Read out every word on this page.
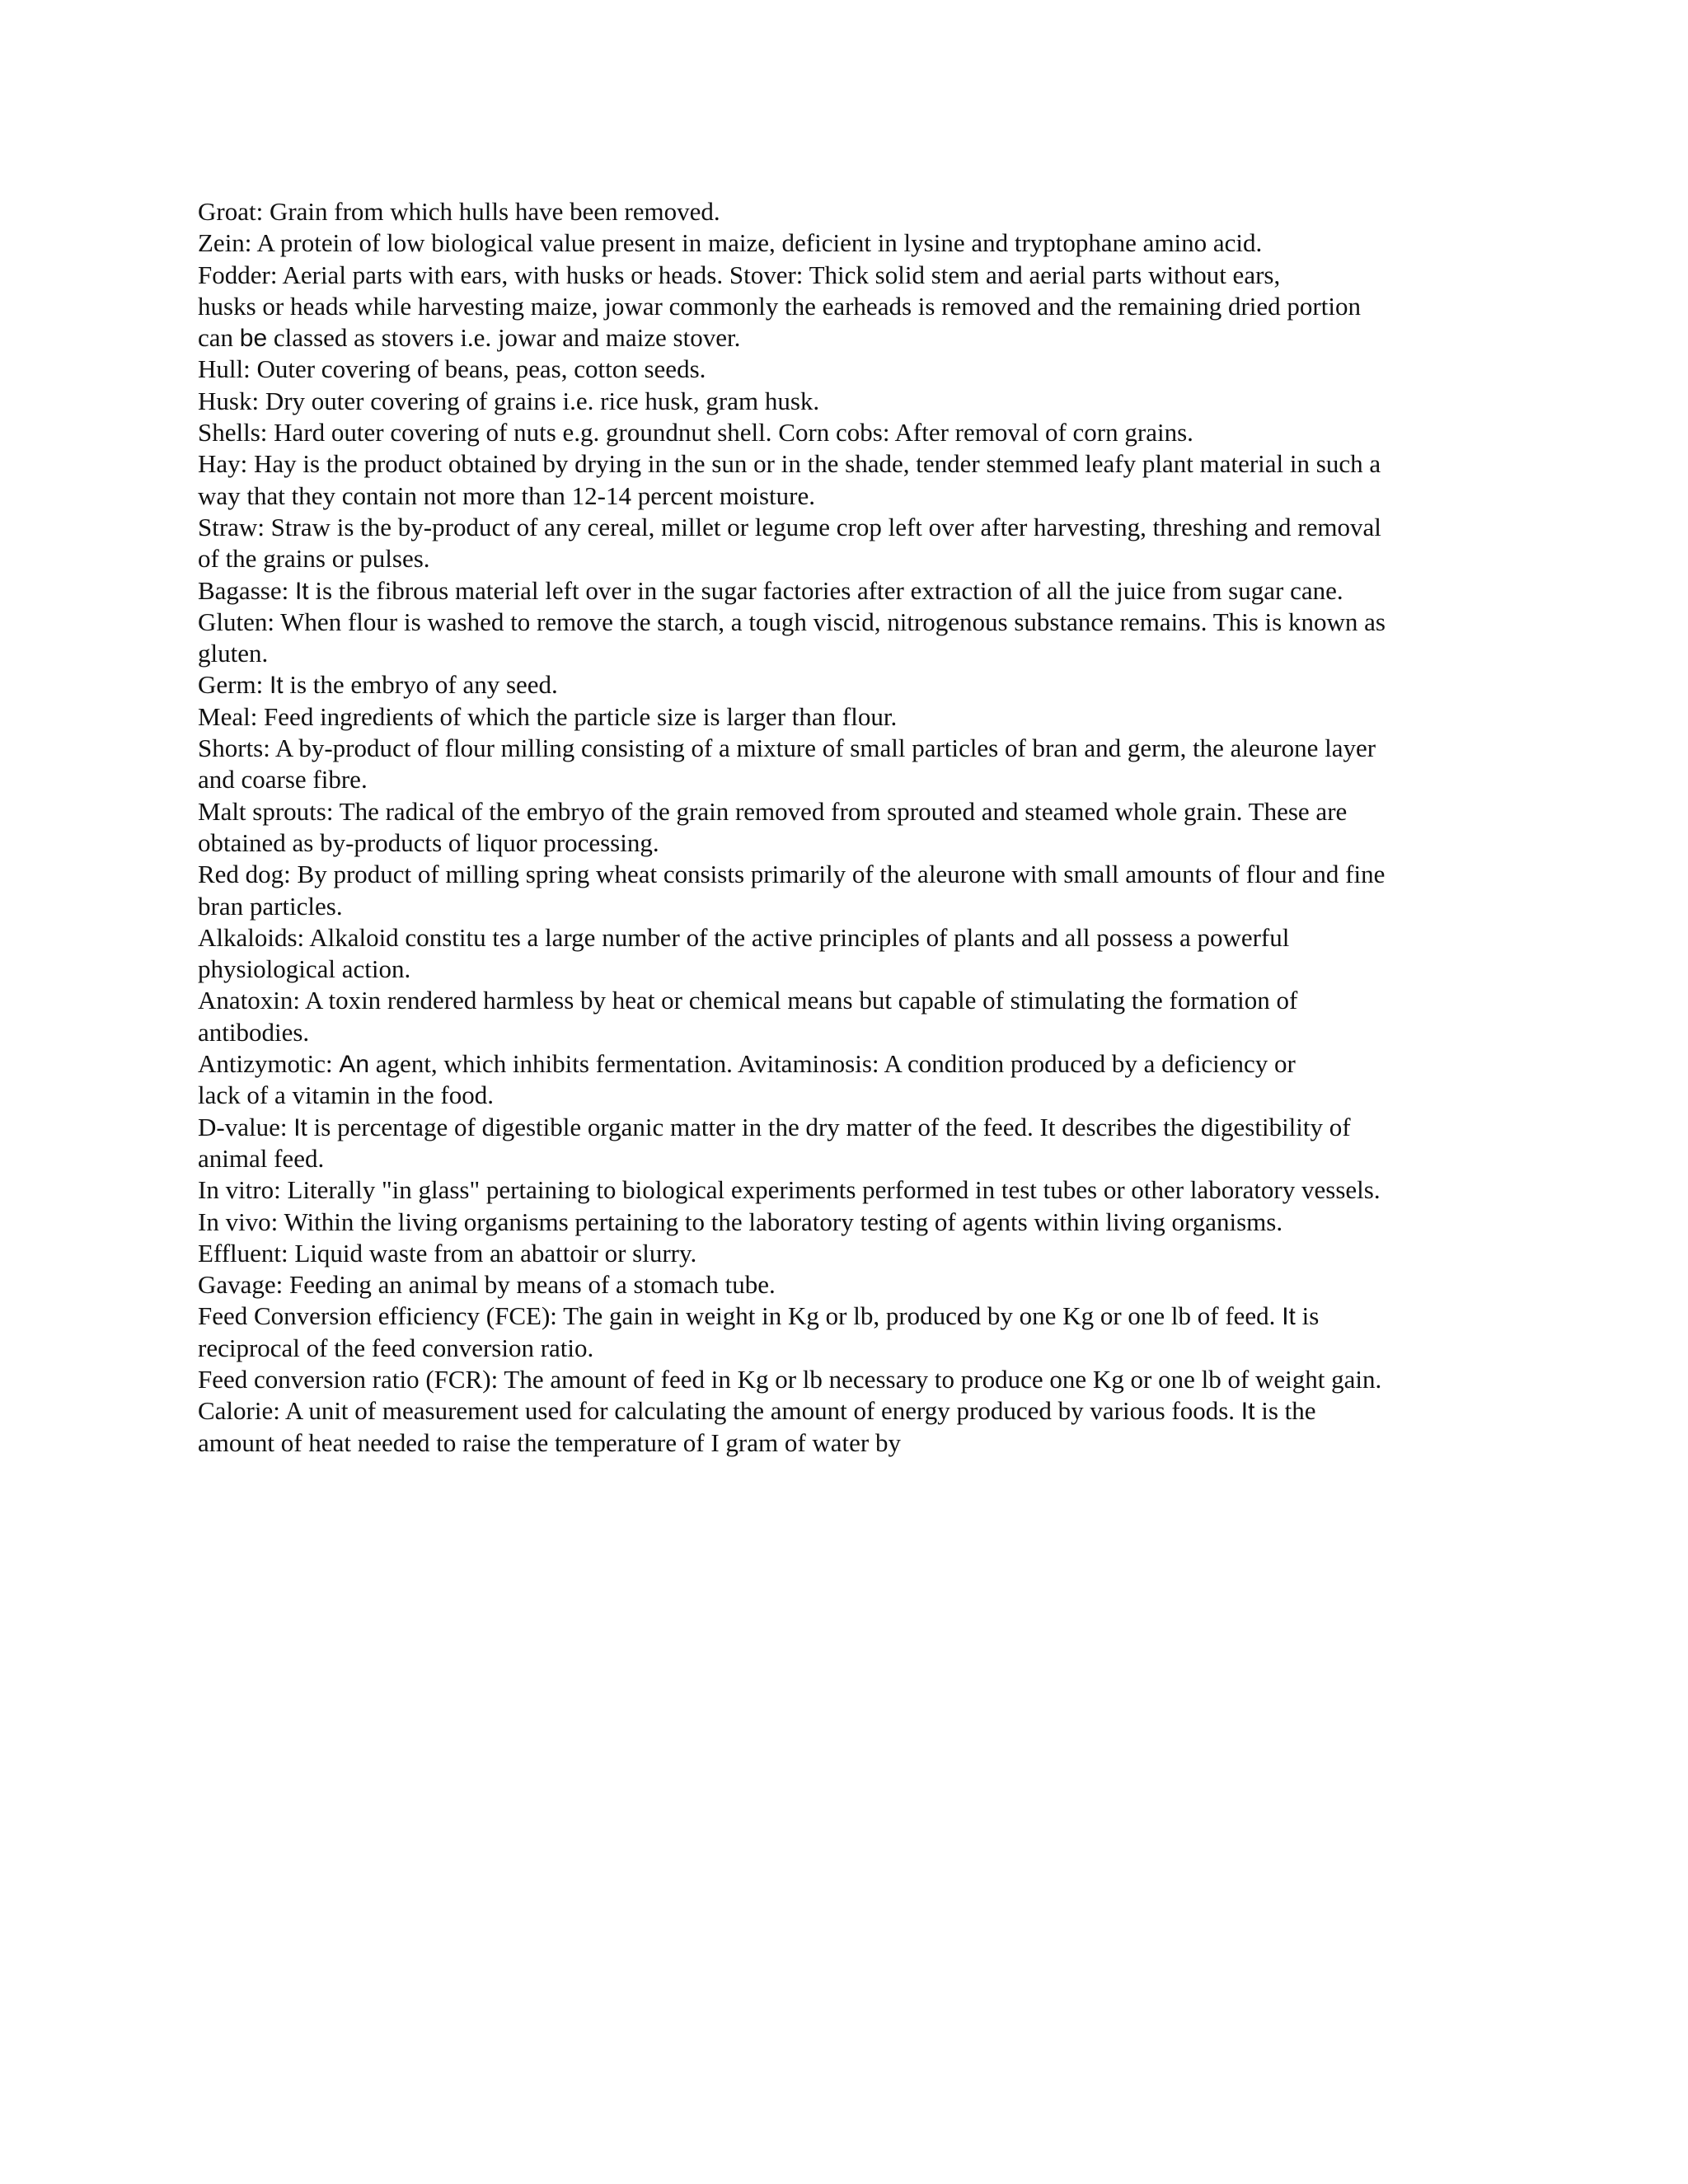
Groat: Grain from which hulls have been removed.
Zein: A protein of low biological value present in maize, deficient in lysine and tryptophane amino acid.
Fodder: Aerial parts with ears, with husks or heads. Stover: Thick solid stem and aerial parts without ears,
husks or heads while harvesting maize, jowar commonly the earheads is removed and the remaining dried portion
can be classed as stovers i.e. jowar and maize stover.
Hull: Outer covering of beans, peas, cotton seeds.
Husk: Dry outer covering of grains i.e. rice husk, gram husk.
Shells: Hard outer covering of nuts e.g. groundnut shell. Corn cobs: After removal of corn grains.
Hay: Hay is the product obtained by drying in the sun or in the shade, tender stemmed leafy plant material in such a
way that they contain not more than 12-14 percent moisture.
Straw: Straw is the by-product of any cereal, millet or legume crop left over after harvesting, threshing and removal
of the grains or pulses.
Bagasse: It is the fibrous material left over in the sugar factories after extraction of all the juice from sugar cane.
Gluten: When flour is washed to remove the starch, a tough viscid, nitrogenous substance remains. This is known as
gluten.
Germ: It is the embryo of any seed.
Meal: Feed ingredients of which the particle size is larger than flour.
Shorts: A by-product of flour milling consisting of a mixture of small particles of bran and germ, the aleurone layer
and coarse fibre.
Malt sprouts: The radical of the embryo of the grain removed from sprouted and steamed whole grain. These are
obtained as by-products of liquor processing.
Red dog: By product of milling spring wheat consists primarily of the aleurone with small amounts of flour and fine
bran particles.
Alkaloids: Alkaloid constitu tes a large number of the active principles of plants and all possess a powerful
physiological action.
Anatoxin: A toxin rendered harmless by heat or chemical means but capable of stimulating the formation of
antibodies.
Antizymotic: An agent, which inhibits fermentation. Avitaminosis: A condition produced by a deficiency or
lack of a vitamin in the food.
D-value: It is percentage of digestible organic matter in the dry matter of the feed. It describes the digestibility of
animal feed.
In vitro: Literally "in glass" pertaining to biological experiments performed in test tubes or other laboratory vessels.
In vivo: Within the living organisms pertaining to the laboratory testing of agents within living organisms.
Effluent: Liquid waste from an abattoir or slurry.
Gavage: Feeding an animal by means of a stomach tube.
Feed Conversion efficiency (FCE): The gain in weight in Kg or lb, produced by one Kg or one lb of feed. It is
reciprocal of the feed conversion ratio.
Feed conversion ratio (FCR): The amount of feed in Kg or lb necessary to produce one Kg or one lb of weight gain.
Calorie: A unit of measurement used for calculating the amount of energy produced by various foods. It is the
amount of heat needed to raise the temperature of I gram of water by
